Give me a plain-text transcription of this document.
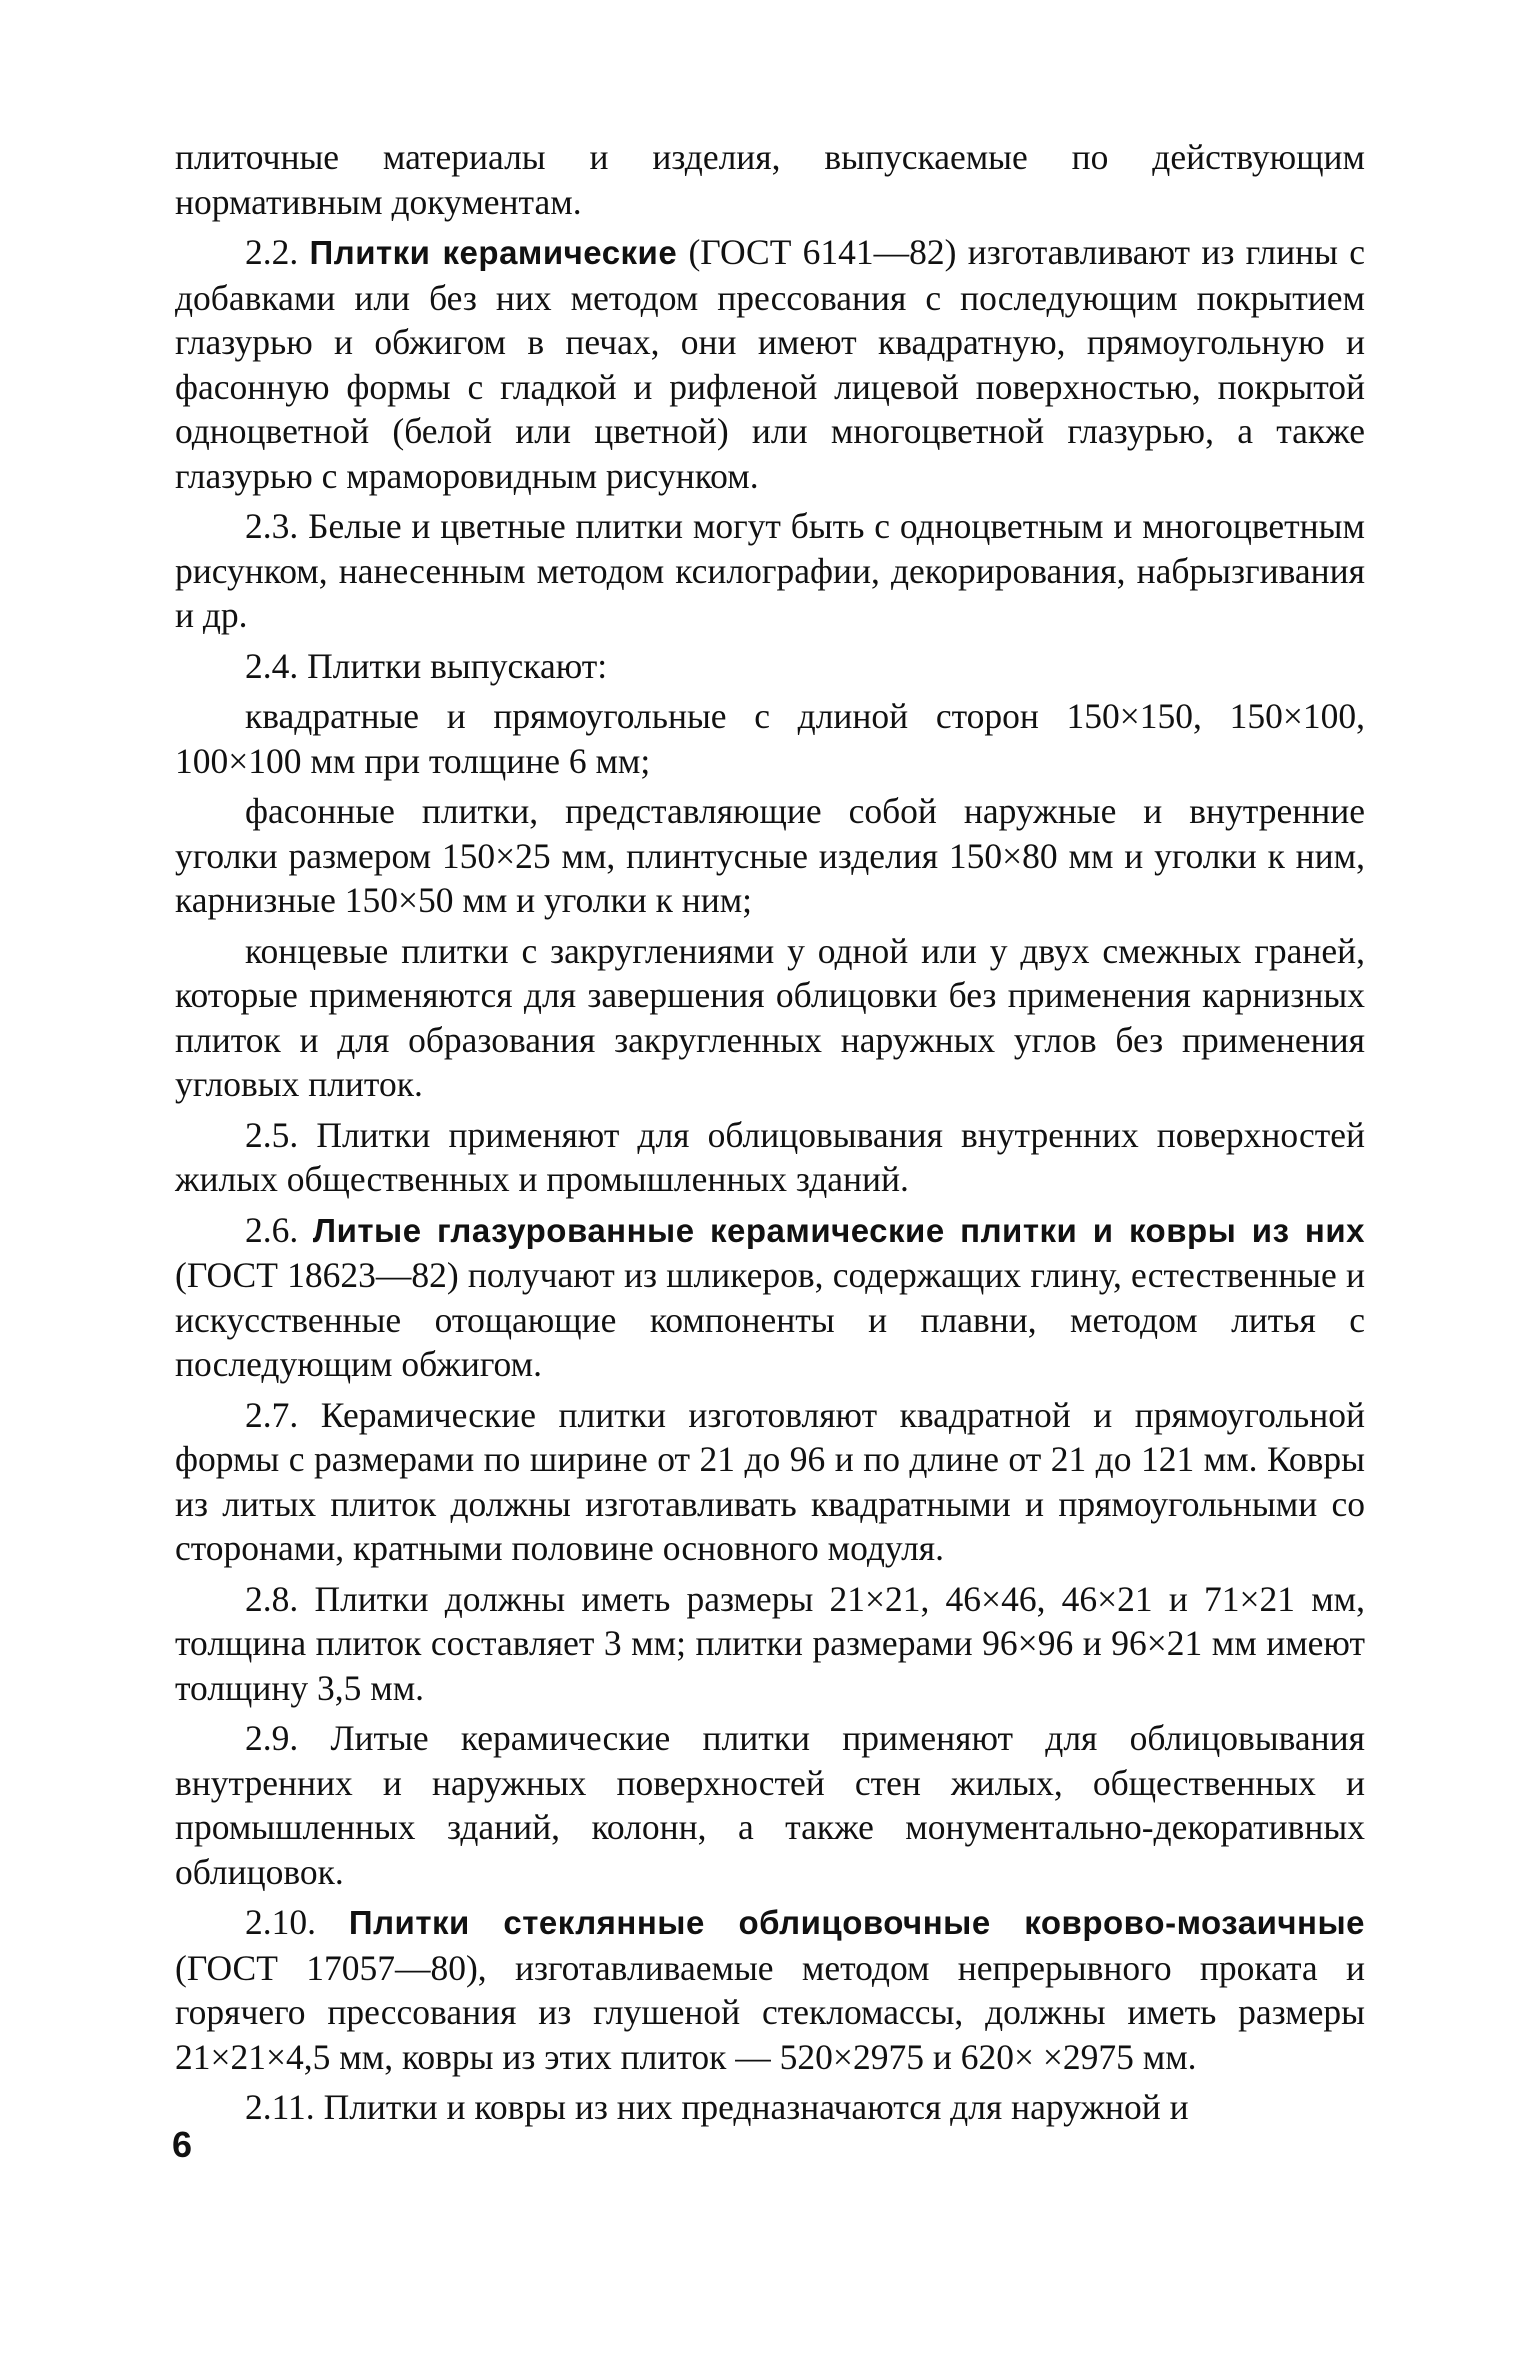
плиточные материалы и изделия, выпускаемые по действующим нормативным документам.

2.2. Плитки керамические (ГОСТ 6141—82) изготавливают из глины с добавками или без них методом прессования с последующим покрытием глазурью и обжигом в печах, они имеют квадратную, прямоугольную и фасонную формы с гладкой и рифленой лицевой поверхностью, покрытой одноцветной (белой или цветной) или многоцветной глазурью, а также глазурью с мраморовидным рисунком.

2.3. Белые и цветные плитки могут быть с одноцветным и многоцветным рисунком, нанесенным методом ксилографии, декорирования, набрызгивания и др.

2.4. Плитки выпускают:

квадратные и прямоугольные с длиной сторон 150×150, 150×100, 100×100 мм при толщине 6 мм;

фасонные плитки, представляющие собой наружные и внутренние уголки размером 150×25 мм, плинтусные изделия 150×80 мм и уголки к ним, карнизные 150×50 мм и уголки к ним;

концевые плитки с закруглениями у одной или у двух смежных граней, которые применяются для завершения облицовки без применения карнизных плиток и для образования закругленных наружных углов без применения угловых плиток.

2.5. Плитки применяют для облицовывания внутренних поверхностей жилых общественных и промышленных зданий.

2.6. Литые глазурованные керамические плитки и ковры из них (ГОСТ 18623—82) получают из шликеров, содержащих глину, естественные и искусственные отощающие компоненты и плавни, методом литья с последующим обжигом.

2.7. Керамические плитки изготовляют квадратной и прямоугольной формы с размерами по ширине от 21 до 96 и по длине от 21 до 121 мм. Ковры из литых плиток должны изготавливать квадратными и прямоугольными со сторонами, кратными половине основного модуля.

2.8. Плитки должны иметь размеры 21×21, 46×46, 46×21 и 71×21 мм, толщина плиток составляет 3 мм; плитки размерами 96×96 и 96×21 мм имеют толщину 3,5 мм.

2.9. Литые керамические плитки применяют для облицовывания внутренних и наружных поверхностей стен жилых, общественных и промышленных зданий, колонн, а также монументально-декоративных облицовок.

2.10. Плитки стеклянные облицовочные ковровo-мозаичные (ГОСТ 17057—80), изготавливаемые методом непрерывного проката и горячего прессования из глушеной стекломассы, должны иметь размеры 21×21×4,5 мм, ковры из этих плиток — 520×2975 и 620× ×2975 мм.

2.11. Плитки и ковры из них предназначаются для наружной и

6
